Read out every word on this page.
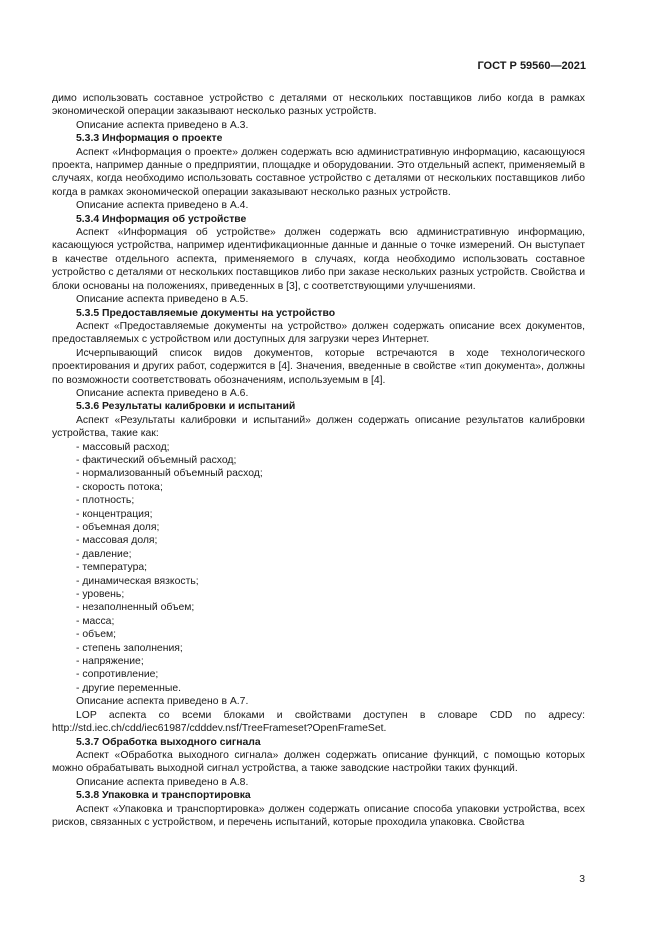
ГОСТ Р 59560—2021

димо использовать составное устройство с деталями от нескольких поставщиков либо когда в рамках экономической операции заказывают несколько разных устройств.

Описание аспекта приведено в А.3.

5.3.3 Информация о проекте

Аспект «Информация о проекте» должен содержать всю административную информацию, касающуюся проекта, например данные о предприятии, площадке и оборудовании. Это отдельный аспект, применяемый в случаях, когда необходимо использовать составное устройство с деталями от нескольких поставщиков либо когда в рамках экономической операции заказывают несколько разных устройств.

Описание аспекта приведено в А.4.

5.3.4 Информация об устройстве

Аспект «Информация об устройстве» должен содержать всю административную информацию, касающуюся устройства, например идентификационные данные и данные о точке измерений. Он выступает в качестве отдельного аспекта, применяемого в случаях, когда необходимо использовать составное устройство с деталями от нескольких поставщиков либо при заказе нескольких разных устройств. Свойства и блоки основаны на положениях, приведенных в [3], с соответствующими улучшениями.

Описание аспекта приведено в А.5.

5.3.5 Предоставляемые документы на устройство

Аспект «Предоставляемые документы на устройство» должен содержать описание всех документов, предоставляемых с устройством или доступных для загрузки через Интернет.

Исчерпывающий список видов документов, которые встречаются в ходе технологического проектирования и других работ, содержится в [4]. Значения, введенные в свойстве «тип документа», должны по возможности соответствовать обозначениям, используемым в [4].

Описание аспекта приведено в А.6.

5.3.6 Результаты калибровки и испытаний

Аспект «Результаты калибровки и испытаний» должен содержать описание результатов калибровки устройства, такие как:

- массовый расход;

- фактический объемный расход;

- нормализованный объемный расход;

- скорость потока;

- плотность;

- концентрация;

- объемная доля;

- массовая доля;

- давление;

- температура;

- динамическая вязкость;

- уровень;

- незаполненный объем;

- масса;

- объем;

- степень заполнения;

- напряжение;

- сопротивление;

- другие переменные.

Описание аспекта приведено в А.7.

LOP аспекта со всеми блоками и свойствами доступен в словаре CDD по адресу: http://std.iec.ch/cdd/iec61987/cdddev.nsf/TreeFrameset?OpenFrameSet.

5.3.7 Обработка выходного сигнала

Аспект «Обработка выходного сигнала» должен содержать описание функций, с помощью которых можно обрабатывать выходной сигнал устройства, а также заводские настройки таких функций.

Описание аспекта приведено в А.8.

5.3.8 Упаковка и транспортировка

Аспект «Упаковка и транспортировка» должен содержать описание способа упаковки устройства, всех рисков, связанных с устройством, и перечень испытаний, которые проходила упаковка. Свойства

3
